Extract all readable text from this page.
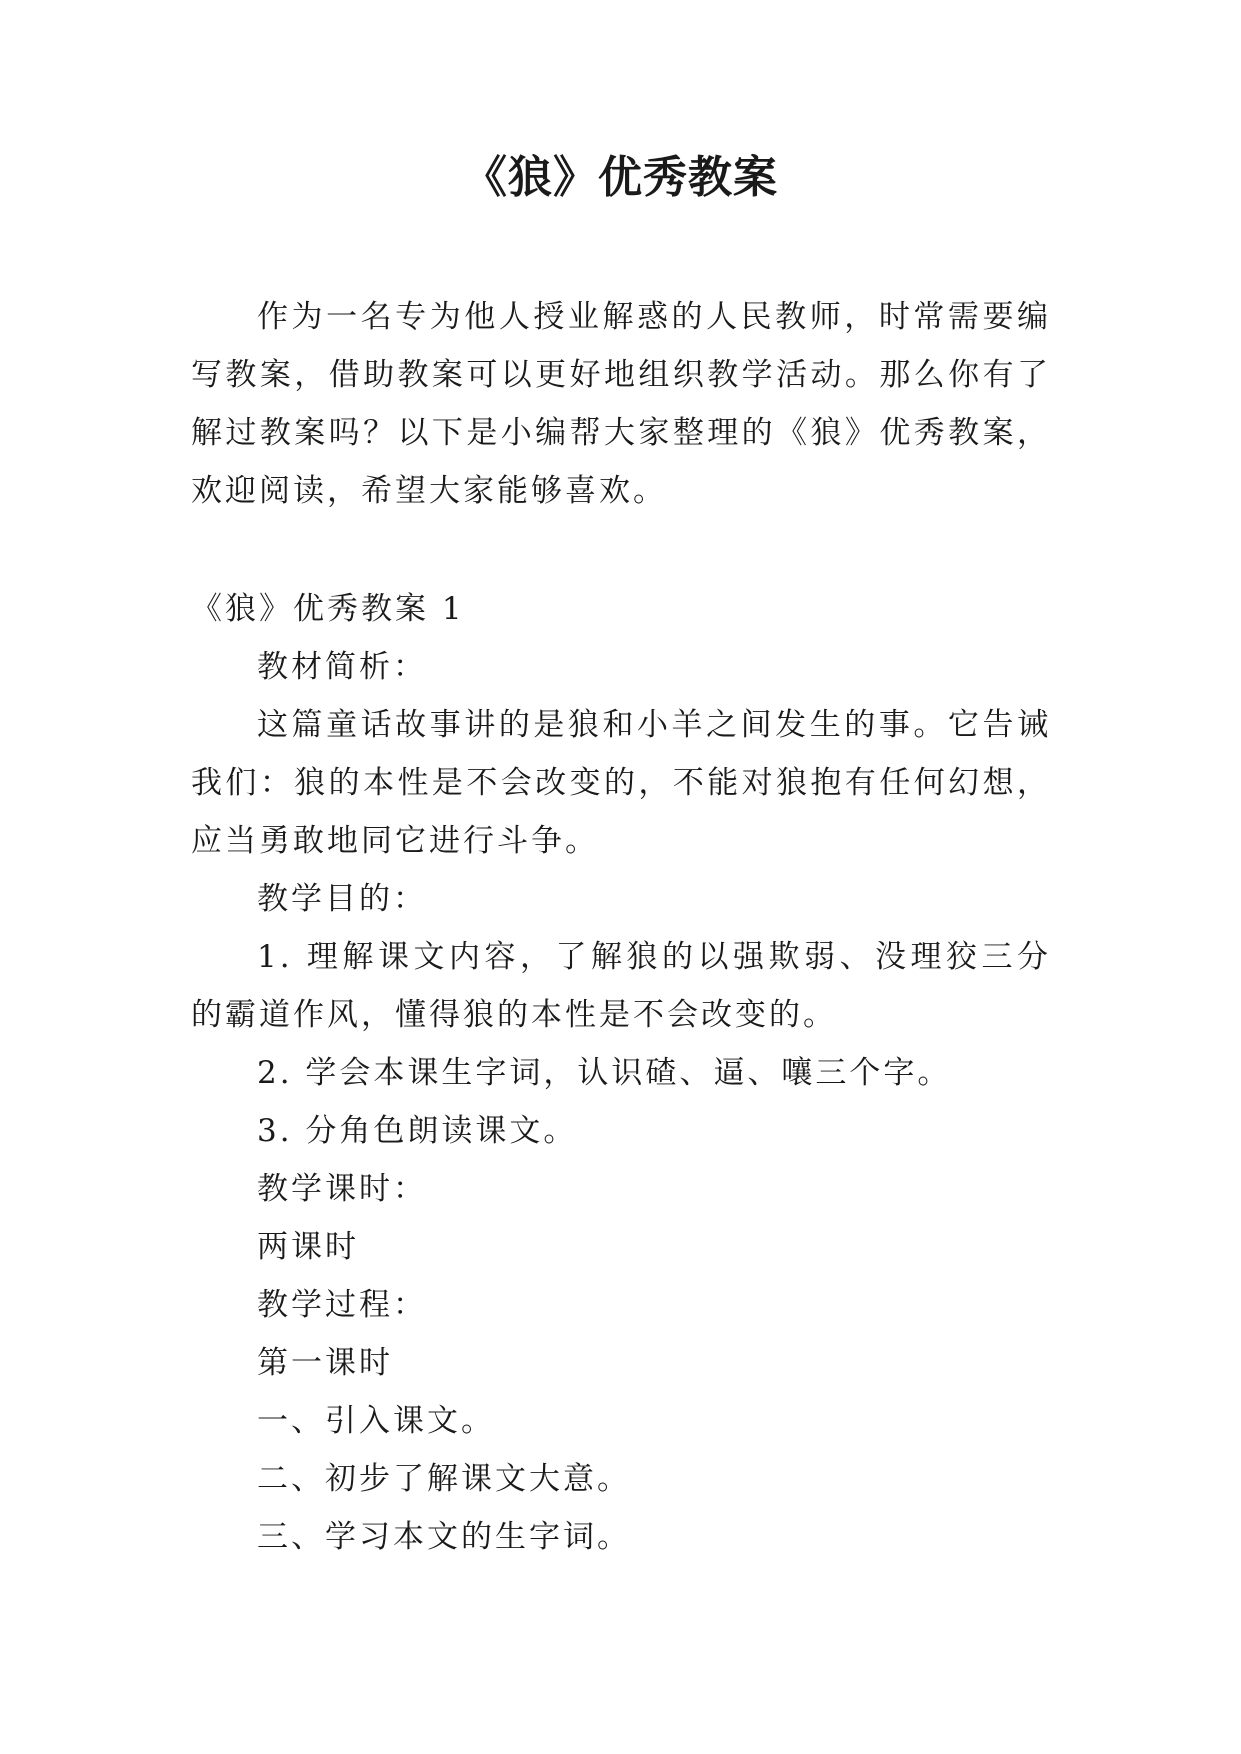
《狼》优秀教案

作为一名专为他人授业解惑的人民教师，时常需要编写教案，借助教案可以更好地组织教学活动。那么你有了解过教案吗？以下是小编帮大家整理的《狼》优秀教案，欢迎阅读，希望大家能够喜欢。

《狼》优秀教案 1

教材简析：

这篇童话故事讲的是狼和小羊之间发生的事。它告诫我们：狼的本性是不会改变的，不能对狼抱有任何幻想，应当勇敢地同它进行斗争。

教学目的：

1. 理解课文内容，了解狼的以强欺弱、没理狡三分的霸道作风，懂得狼的本性是不会改变的。

2. 学会本课生字词，认识碴、逼、嚷三个字。

3. 分角色朗读课文。

教学课时：

两课时

教学过程：

第一课时

一、引入课文。

二、初步了解课文大意。

三、学习本文的生字词。
